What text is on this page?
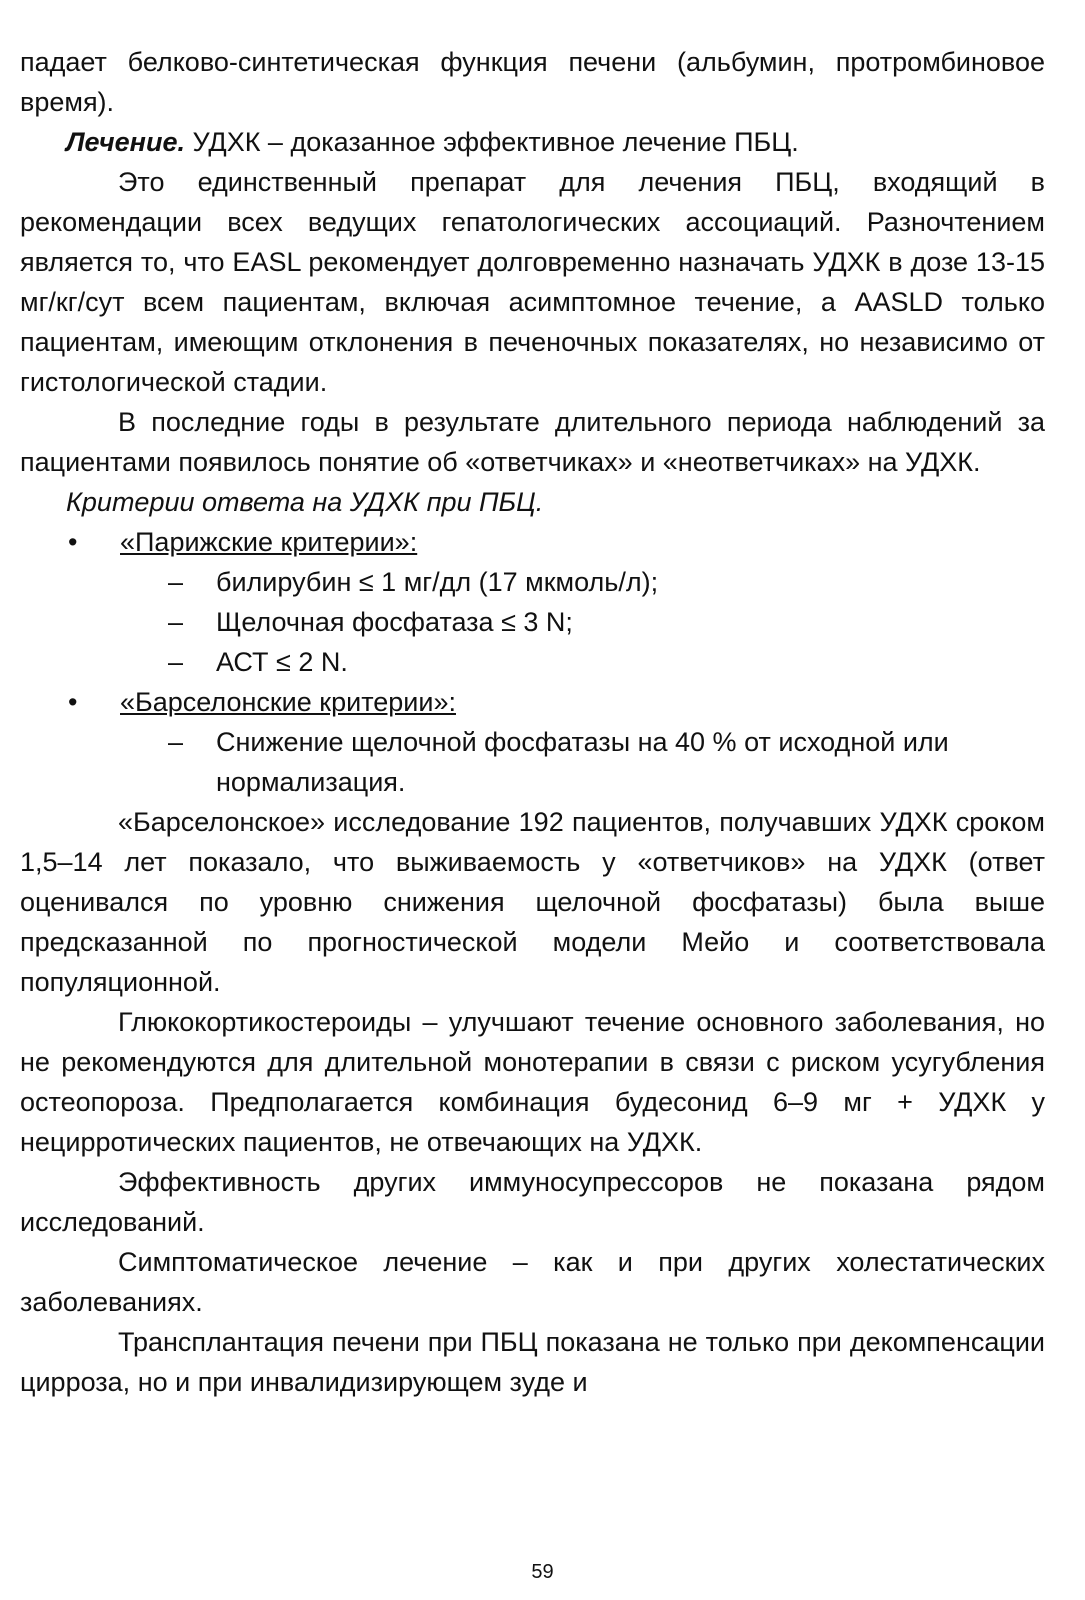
падает белково-синтетическая функция печени (альбумин, протромбиновое время).

Лечение. УДХК – доказанное эффективное лечение ПБЦ.

Это единственный препарат для лечения ПБЦ, входящий в рекомендации всех ведущих гепатологических ассоциаций. Разночтением является то, что EASL рекомендует долговременно назначать УДХК в дозе 13-15 мг/кг/сут всем пациентам, включая асимптомное течение, а AASLD только пациентам, имеющим отклонения в печеночных показателях, но независимо от гистологической стадии.

В последние годы в результате длительного периода наблюдений за пациентами появилось понятие об «ответчиках» и «неответчиках» на УДХК.

Критерии ответа на УДХК при ПБЦ.

• «Парижские критерии»:
– билирубин ≤ 1 мг/дл (17 мкмоль/л);
– Щелочная фосфатаза ≤ 3 N;
– АСТ ≤ 2 N.
• «Барселонские критерии»:
– Снижение щелочной фосфатазы на 40 % от исходной или нормализация.

«Барселонское» исследование 192 пациентов, получавших УДХК сроком 1,5–14 лет показало, что выживаемость у «ответчиков» на УДХК (ответ оценивался по уровню снижения щелочной фосфатазы) была выше предсказанной по прогностической модели Мейо и соответствовала популяционной.

Глюкокортикостероиды – улучшают течение основного заболевания, но не рекомендуются для длительной монотерапии в связи с риском усугубления остеопороза. Предполагается комбинация будесонид 6–9 мг + УДХК у нецирротических пациентов, не отвечающих на УДХК.

Эффективность других иммуносупрессоров не показана рядом исследований.

Симптоматическое лечение – как и при других холестатических заболеваниях.

Трансплантация печени при ПБЦ показана не только при декомпенсации цирроза, но и при инвалидизирующем зуде и

59
